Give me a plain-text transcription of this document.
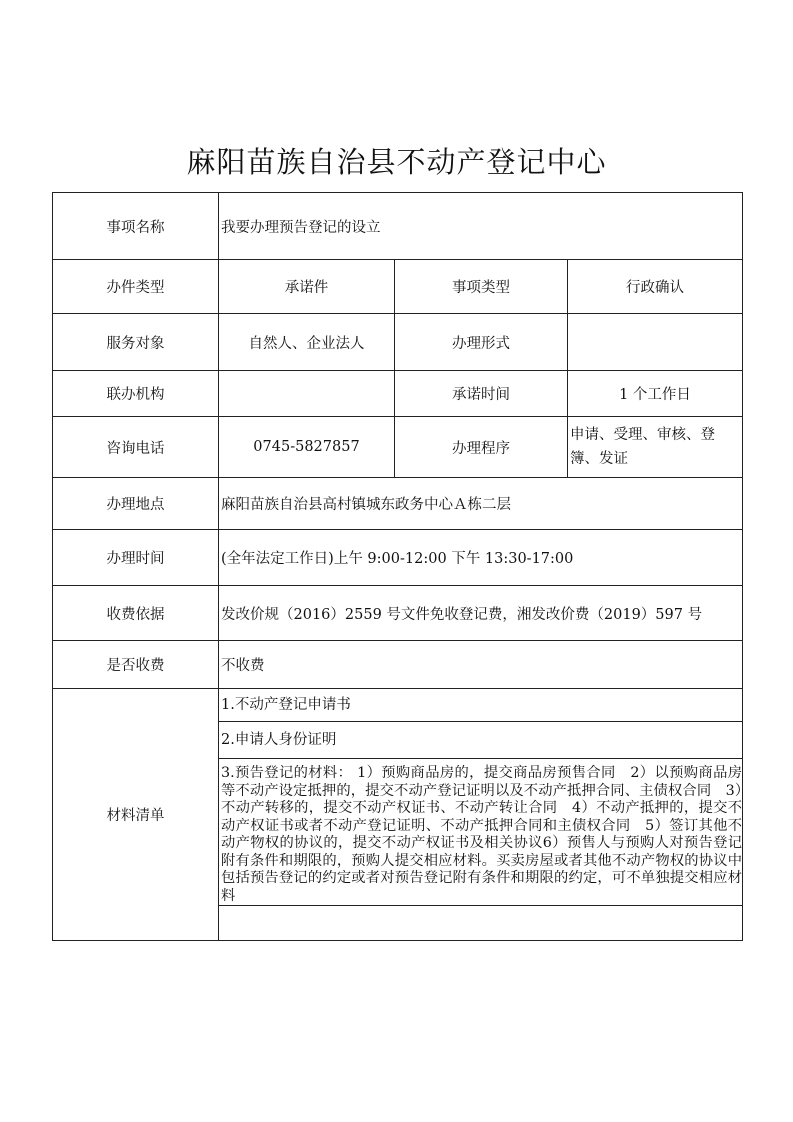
麻阳苗族自治县不动产登记中心
事项名称	我要办理预告登记的设立		
办件类型	承诺件	事项类型	行政确认
服务对象	自然人、企业法人	办理形式	
联办机构		承诺时间	1 个工作日
咨询电话	0745-5827857	办理程序	申请、受理、审核、登簿、发证
办理地点	麻阳苗族自治县高村镇城东政务中心Ａ栋二层		
办理时间	(全年法定工作日)上午 9:00-12:00 下午 13:30-17:00		
收费依据	发改价规（2016）2559 号文件免收登记费，湘发改价费（2019）597 号		
是否收费	不收费		
材料清单	1.不动产登记申请书
2.申请人身份证明
3.预告登记的材料： 1）预购商品房的，提交商品房预售合同　2）以预购商品房等不动产设定抵押的，提交不动产登记证明以及不动产抵押合同、主债权合同　3）不动产转移的，提交不动产权证书、不动产转让合同　4）不动产抵押的，提交不动产权证书或者不动产登记证明、不动产抵押合同和主债权合同　5）签订其他不动产物权的协议的，提交不动产权证书及相关协议6）预售人与预购人对预告登记附有条件和期限的，预购人提交相应材料。买卖房屋或者其他不动产物权的协议中包括预告登记的约定或者对预告登记附有条件和期限的约定，可不单独提交相应材料		
